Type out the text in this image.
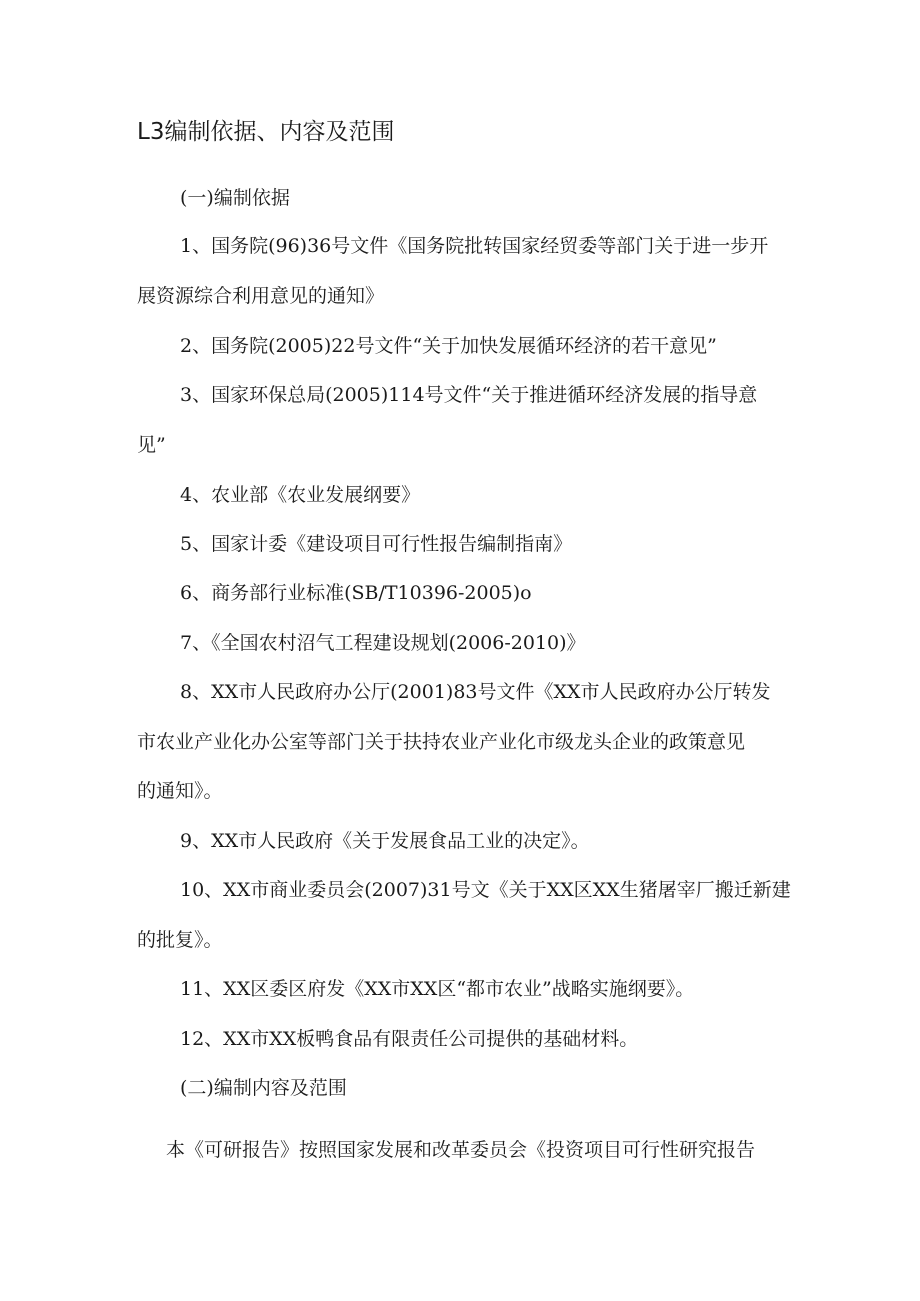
L3编制依据、内容及范围
(一)编制依据
1、国务院(96)36号文件《国务院批转国家经贸委等部门关于进一步开
展资源综合利用意见的通知》
2、国务院(2005)22号文件“关于加快发展循环经济的若干意见”
3、国家环保总局(2005)114号文件“关于推进循环经济发展的指导意
见”
4、农业部《农业发展纲要》
5、国家计委《建设项目可行性报告编制指南》
6、商务部行业标准(SB/T10396-2005)o
7、《全国农村沼气工程建设规划(2006-2010)》
8、XX市人民政府办公厅(2001)83号文件《XX市人民政府办公厅转发
市农业产业化办公室等部门关于扶持农业产业化市级龙头企业的政策意见
的通知》。
9、XX市人民政府《关于发展食品工业的决定》。
10、XX市商业委员会(2007)31号文《关于XX区XX生猪屠宰厂搬迁新建
的批复》。
11、XX区委区府发《XX市XX区“都市农业”战略实施纲要》。
12、XX市XX板鸭食品有限责任公司提供的基础材料。
(二)编制内容及范围
本《可研报告》按照国家发展和改革委员会《投资项目可行性研究报告
